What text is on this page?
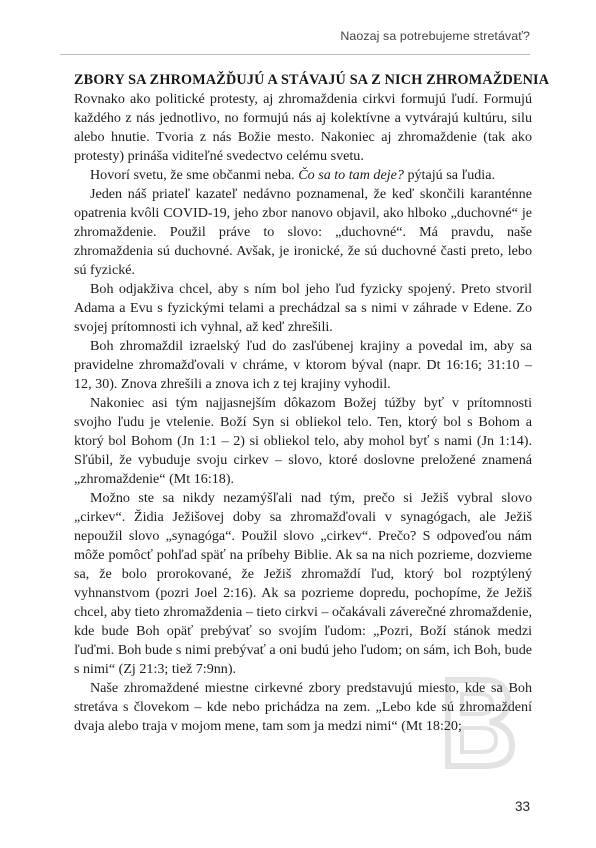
Naozaj sa potrebujeme stretávať?
ZBORY SA ZHROMAŽĎUJÚ A STÁVAJÚ SA Z NICH ZHROMAŽDENIA

Rovnako ako politické protesty, aj zhromaždenia cirkvi formujú ľudí. Formujú každého z nás jednotlivo, no formujú nás aj kolektívne a vytvárajú kultúru, silu alebo hnutie. Tvoria z nás Božie mesto. Nakoniec aj zhromaždenie (tak ako protesty) prináša viditeľné svedectvo celému svetu.

Hovorí svetu, že sme občanmi neba. Čo sa to tam deje? pýtajú sa ľudia.

Jeden náš priateľ kazateľ nedávno poznamenal, že keď skončili karanténne opatrenia kvôli COVID-19, jeho zbor nanovo objavil, ako hlboko „duchovné“ je zhromaždenie. Použil práve to slovo: „duchovné“. Má pravdu, naše zhromaždenia sú duchovné. Avšak, je ironické, že sú duchovné časti preto, lebo sú fyzické.

Boh odjakživa chcel, aby s ním bol jeho ľud fyzicky spojený. Preto stvoril Adama a Evu s fyzickými telami a prechádzal sa s nimi v záhrade v Edene. Zo svojej prítomnosti ich vyhnal, až keď zhrešili.

Boh zhromaždil izraelský ľud do zasľúbenej krajiny a povedal im, aby sa pravidelne zhromažďovali v chráme, v ktorom býval (napr. Dt 16:16; 31:10 – 12, 30). Znova zhrešili a znova ich z tej krajiny vyhodil.

Nakoniec asi tým najjasnejším dôkazom Božej túžby byť v prítomnosti svojho ľudu je vtelenie. Boží Syn si obliekol telo. Ten, ktorý bol s Bohom a ktorý bol Bohom (Jn 1:1 – 2) si obliekol telo, aby mohol byť s nami (Jn 1:14). Sľúbil, že vybuduje svoju cirkev – slovo, ktoré doslovne preložené znamená „zhromaždenie“ (Mt 16:18).

Možno ste sa nikdy nezamýšľali nad tým, prečo si Ježiš vybral slovo „cirkev“. Židia Ježišovej doby sa zhromažďovali v synagógach, ale Ježiš nepoužil slovo „synagóga“. Použil slovo „cirkev“. Prečo? S odpoveďou nám môže pomôcť pohľad späť na príbehy Biblie. Ak sa na nich pozrieme, dozvieme sa, že bolo prorokované, že Ježiš zhromaždí ľud, ktorý bol rozptýlený vyhnanstvom (pozri Joel 2:16). Ak sa pozrieme dopredu, pochopíme, že Ježiš chcel, aby tieto zhromaždenia – tieto cirkvi – očakávali záverečné zhromaždenie, kde bude Boh opäť prebývať so svojím ľudom: „Pozri, Boží stánok medzi ľuďmi. Boh bude s nimi prebývať a oni budú jeho ľudom; on sám, ich Boh, bude s nimi“ (Zj 21:3; tiež 7:9nn).

Naše zhromaždené miestne cirkevné zbory predstavujú miesto, kde sa Boh stretáva s človekom – kde nebo prichádza na zem. „Lebo kde sú zhromaždení dvaja alebo traja v mojom mene, tam som ja medzi nimi“ (Mt 18:20;

33
